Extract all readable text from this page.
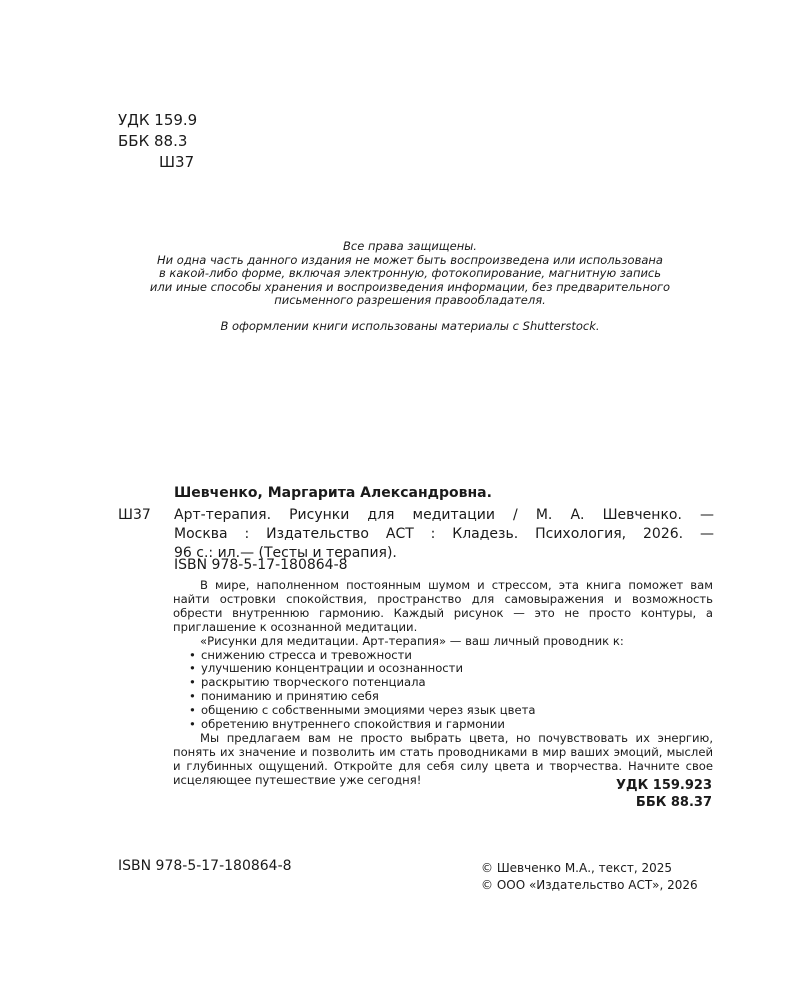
УДК 159.9
ББК 88.3
Ш37
Все права защищены.
Ни одна часть данного издания не может быть воспроизведена или использована
в какой-либо форме, включая электронную, фотокопирование, магнитную запись
или иные способы хранения и воспроизведения информации, без предварительного
письменного разрешения правообладателя.
В оформлении книги использованы материалы с Shutterstock.
Шевченко, Маргарита Александровна.
Ш37 Арт-терапия. Рисунки для медитации / М. А. Шевченко. —
Москва : Издательство АСТ : Кладезь. Психология, 2026. —
96 с.: ил.— (Тесты и терапия).
ISBN 978-5-17-180864-8

В мире, наполненном постоянным шумом и стрессом, эта книга поможет вам найти островки спокойствия, пространство для самовыражения и возможность обрести внутреннюю гармонию. Каждый рисунок — это не просто контуры, а приглашение к осознанной медитации.

«Рисунки для медитации. Арт-терапия» — ваш личный проводник к:

• снижению стресса и тревожности
• улучшению концентрации и осознанности
• раскрытию творческого потенциала
• пониманию и принятию себя
• общению с собственными эмоциями через язык цвета
• обретению внутреннего спокойствия и гармонии

Мы предлагаем вам не просто выбрать цвета, но почувствовать их энергию, понять их значение и позволить им стать проводниками в мир ваших эмоций, мыслей и глубинных ощущений. Откройте для себя силу цвета и творчества. Начните свое исцеляющее путешествие уже сегодня!	УДК 159.923
ББК 88.37
ISBN 978-5-17-180864-8	© Шевченко М.А., текст, 2025
© ООО «Издательство АСТ», 2026
